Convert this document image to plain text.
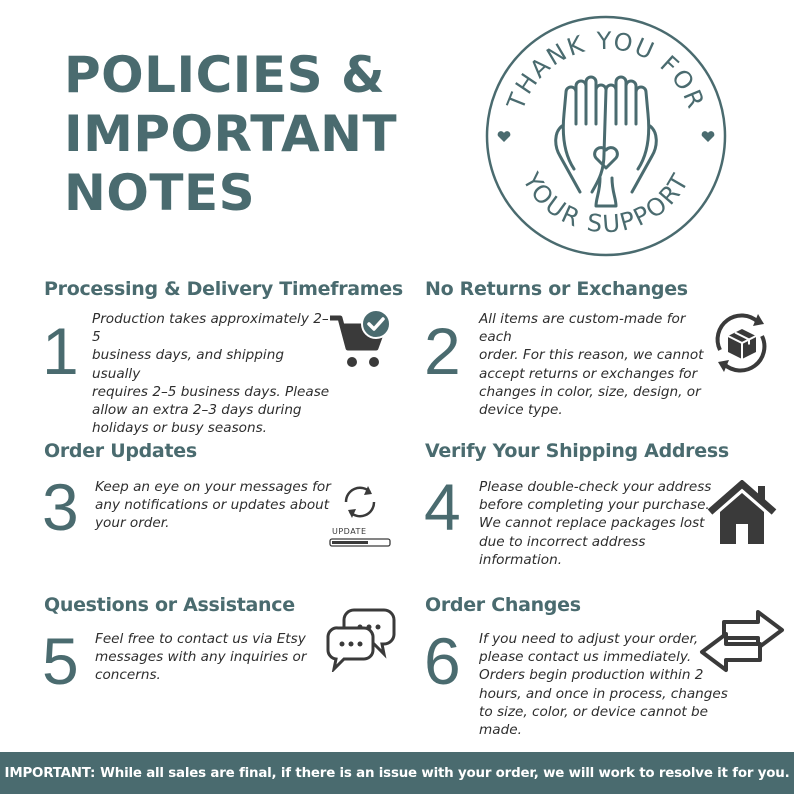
POLICIES &
IMPORTANT
NOTES
THANK YOU FOR
YOUR SUPPORT
Processing & Delivery Timeframes
1 Production takes approximately 2–5
business days, and shipping usually
requires 2–5 business days. Please
allow an extra 2–3 days during
holidays or busy seasons.
No Returns or Exchanges
2 All items are custom-made for each
order. For this reason, we cannot
accept returns or exchanges for
changes in color, size, design, or
device type.
Order Updates
3 Keep an eye on your messages for
any notifications or updates about
your order.
UPDATE
Verify Your Shipping Address
4 Please double-check your address
before completing your purchase.
We cannot replace packages lost
due to incorrect address
information.
Questions or Assistance
5 Feel free to contact us via Etsy
messages with any inquiries or
concerns.
Order Changes
6 If you need to adjust your order,
please contact us immediately.
Orders begin production within 2
hours, and once in process, changes
to size, color, or device cannot be
made.
IMPORTANT: While all sales are final, if there is an issue with your order, we will work to resolve it for you.
